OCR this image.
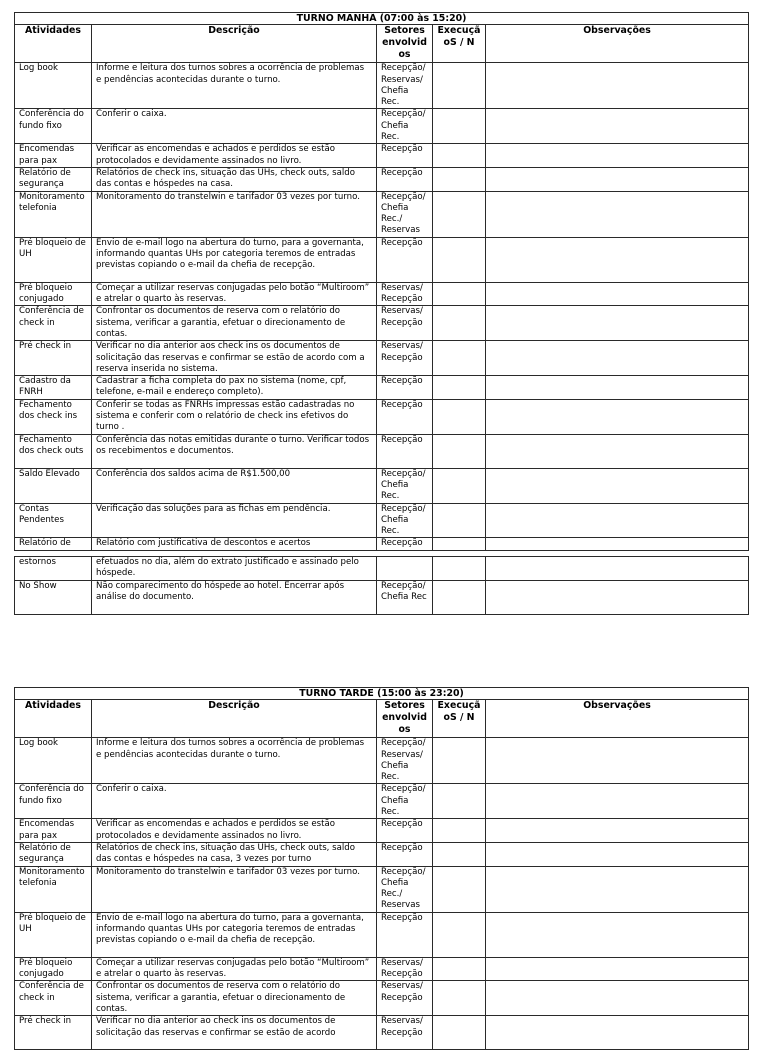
TURNO MANHÃ (07:00 às 15:20)				
Atividades	Descrição	Setores envolvidos	ExecuçãoS / N	Observações
Log book	Informe e leitura dos turnos sobres a ocorrência de problemas e pendências acontecidas durante o turno.	Recepção/ Reservas/ Chefia Rec.		
Conferência do fundo fixo	Conferir o caixa.	Recepção/ Chefia Rec.		
Encomendas para pax	Verificar as encomendas e achados e perdidos se estão protocolados e devidamente assinados no livro.	Recepção		
Relatório de segurança	Relatórios de check ins, situação das UHs, check outs, saldo das contas e hóspedes na casa.	Recepção		
Monitoramento telefonia	Monitoramento do transtelwin e tarifador 03 vezes por turno.	Recepção/ Chefia Rec./ Reservas		
Pré bloqueio de UH	Envio de e-mail logo na abertura do turno, para a governanta, informando quantas UHs por categoria teremos de entradas previstas copiando o e-mail da chefia de recepção.	Recepção		
Pré bloqueio conjugado	Começar a utilizar reservas conjugadas pelo botão “Multiroom” e atrelar o quarto às reservas.	Reservas/ Recepção		
Conferência de check in	Confrontar os documentos de reserva com o relatório do sistema, verificar a garantia, efetuar o direcionamento de contas.	Reservas/ Recepção		
Pré check in	Verificar no dia anterior aos check ins os documentos de solicitação das reservas e confirmar se estão de acordo com a reserva inserida no sistema.	Reservas/ Recepção		
Cadastro da FNRH	Cadastrar a ficha completa do pax no sistema (nome, cpf, telefone, e-mail e endereço completo).	Recepção		
Fechamento dos check ins	Conferir se todas as FNRHs impressas estão cadastradas no sistema e conferir com o relatório de check ins efetivos do turno .	Recepção		
Fechamento dos check outs	Conferência das notas emitidas durante o turno. Verificar todos os recebimentos e documentos.	Recepção		
Saldo Elevado	Conferência dos saldos acima de R$1.500,00	Recepção/ Chefia Rec.		
Contas Pendentes	Verificação das soluções para as fichas em pendência.	Recepção/ Chefia Rec.		
Relatório de	Relatório com justificativa de descontos e acertos	Recepção		
estornos	efetuados no dia, além do extrato justificado e assinado pelo hóspede.			
No Show	Não comparecimento do hóspede ao hotel. Encerrar após análise do documento.	Recepção/ Chefia Rec		
TURNO TARDE (15:00 às 23:20)				
Atividades	Descrição	Setores envolvidos	ExecuçãoS / N	Observações
Log book	Informe e leitura dos turnos sobres a ocorrência de problemas e pendências acontecidas durante o turno.	Recepção/ Reservas/ Chefia Rec.		
Conferência do fundo fixo	Conferir o caixa.	Recepção/ Chefia Rec.		
Encomendas para pax	Verificar as encomendas e achados e perdidos se estão protocolados e devidamente assinados no livro.	Recepção		
Relatório de segurança	Relatórios de check ins, situação das UHs, check outs, saldo das contas e hóspedes na casa, 3 vezes por turno	Recepção		
Monitoramento telefonia	Monitoramento do transtelwin e tarifador 03 vezes por turno.	Recepção/ Chefia Rec./ Reservas		
Pré bloqueio de UH	Envio de e-mail logo na abertura do turno, para a governanta, informando quantas UHs por categoria teremos de entradas previstas copiando o e-mail da chefia de recepção.	Recepção		
Pré bloqueio conjugado	Começar a utilizar reservas conjugadas pelo botão “Multiroom” e atrelar o quarto às reservas.	Reservas/ Recepção		
Conferência de check in	Confrontar os documentos de reserva com o relatório do sistema, verificar a garantia, efetuar o direcionamento de contas.	Reservas/ Recepção		
Pré check in	Verificar no dia anterior ao check ins os documentos de solicitação das reservas e confirmar se estão de acordo	Reservas/ Recepção		
